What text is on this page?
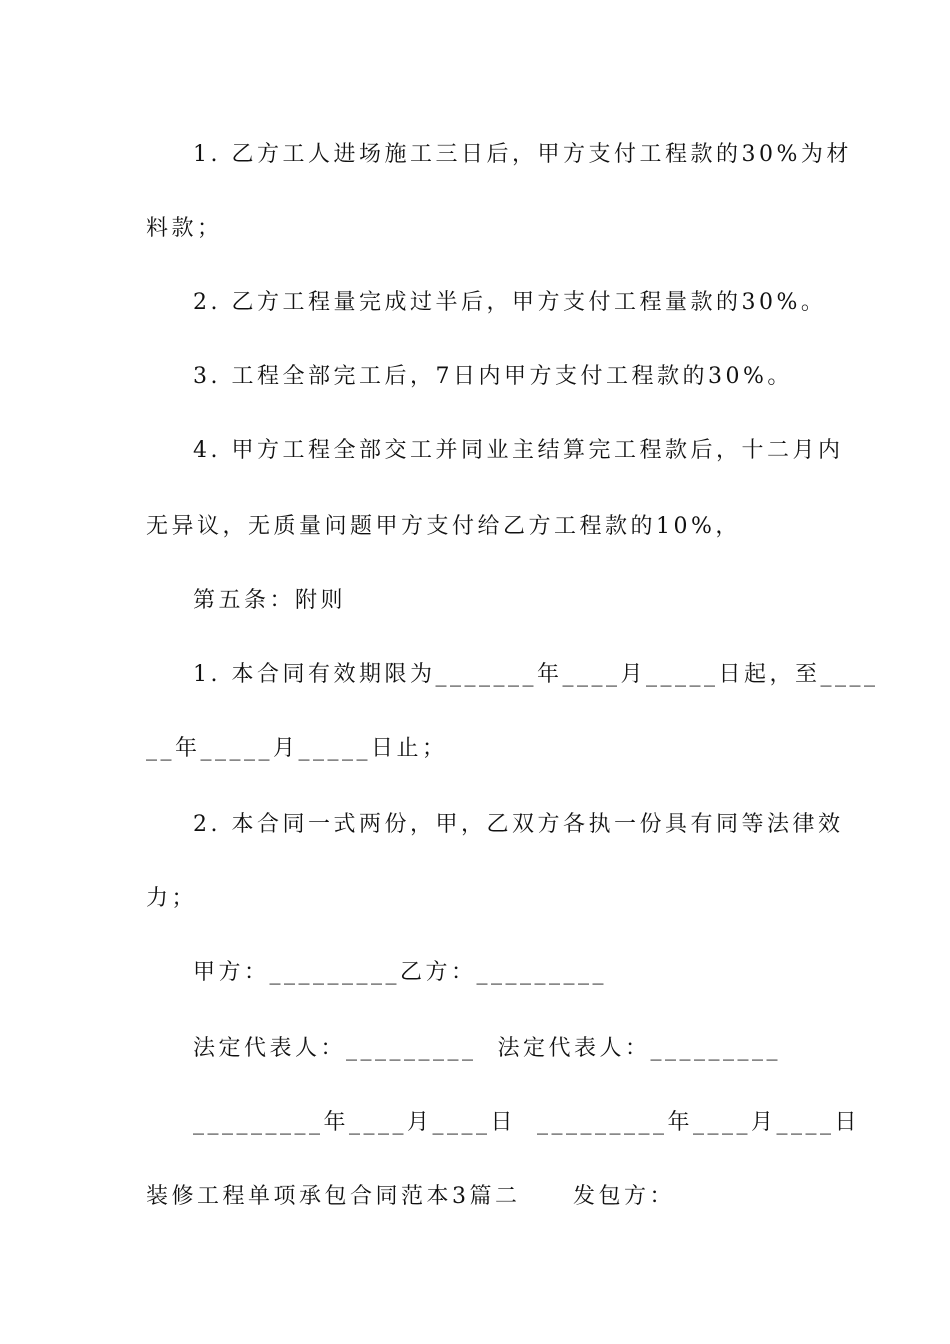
1. 乙方工人进场施工三日后，甲方支付工程款的30%为材
料款；
2. 乙方工程量完成过半后，甲方支付工程量款的30%。
3. 工程全部完工后，7日内甲方支付工程款的30%。
4. 甲方工程全部交工并同业主结算完工程款后，十二月内
无异议，无质量问题甲方支付给乙方工程款的10%，
第五条：附则
1. 本合同有效期限为_______年____月_____日起，至____
__年_____月_____日止；
2. 本合同一式两份，甲，乙双方各执一份具有同等法律效
力；
甲方：_________乙方：_________
法定代表人：_________  法定代表人：_________
_________年____月____日  _________年____月____日
装修工程单项承包合同范本3篇二     发包方：
